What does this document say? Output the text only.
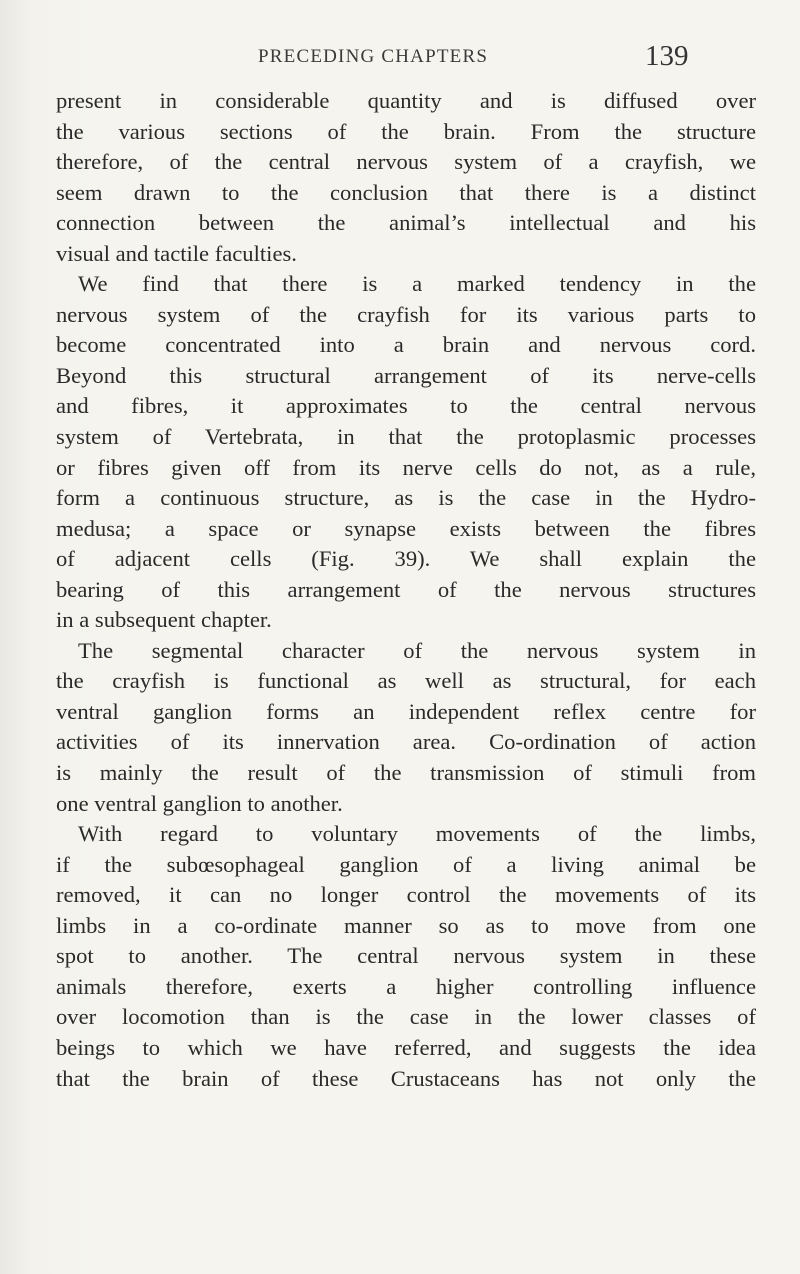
PRECEDING CHAPTERS	139
present in considerable quantity and is diffused over
the various sections of the brain. From the structure
therefore, of the central nervous system of a crayfish, we
seem drawn to the conclusion that there is a distinct
connection between the animal’s intellectual and his
visual and tactile faculties.
We find that there is a marked tendency in the
nervous system of the crayfish for its various parts to
become concentrated into a brain and nervous cord.
Beyond this structural arrangement of its nerve-cells
and fibres, it approximates to the central nervous
system of Vertebrata, in that the protoplasmic processes
or fibres given off from its nerve cells do not, as a rule,
form a continuous structure, as is the case in the Hydro-
medusa; a space or synapse exists between the fibres
of adjacent cells (Fig. 39). We shall explain the
bearing of this arrangement of the nervous structures
in a subsequent chapter.
The segmental character of the nervous system in
the crayfish is functional as well as structural, for each
ventral ganglion forms an independent reflex centre for
activities of its innervation area. Co-ordination of action
is mainly the result of the transmission of stimuli from
one ventral ganglion to another.
With regard to voluntary movements of the limbs,
if the subœsophageal ganglion of a living animal be
removed, it can no longer control the movements of its
limbs in a co-ordinate manner so as to move from one
spot to another. The central nervous system in these
animals therefore, exerts a higher controlling influence
over locomotion than is the case in the lower classes of
beings to which we have referred, and suggests the idea
that the brain of these Crustaceans has not only the
